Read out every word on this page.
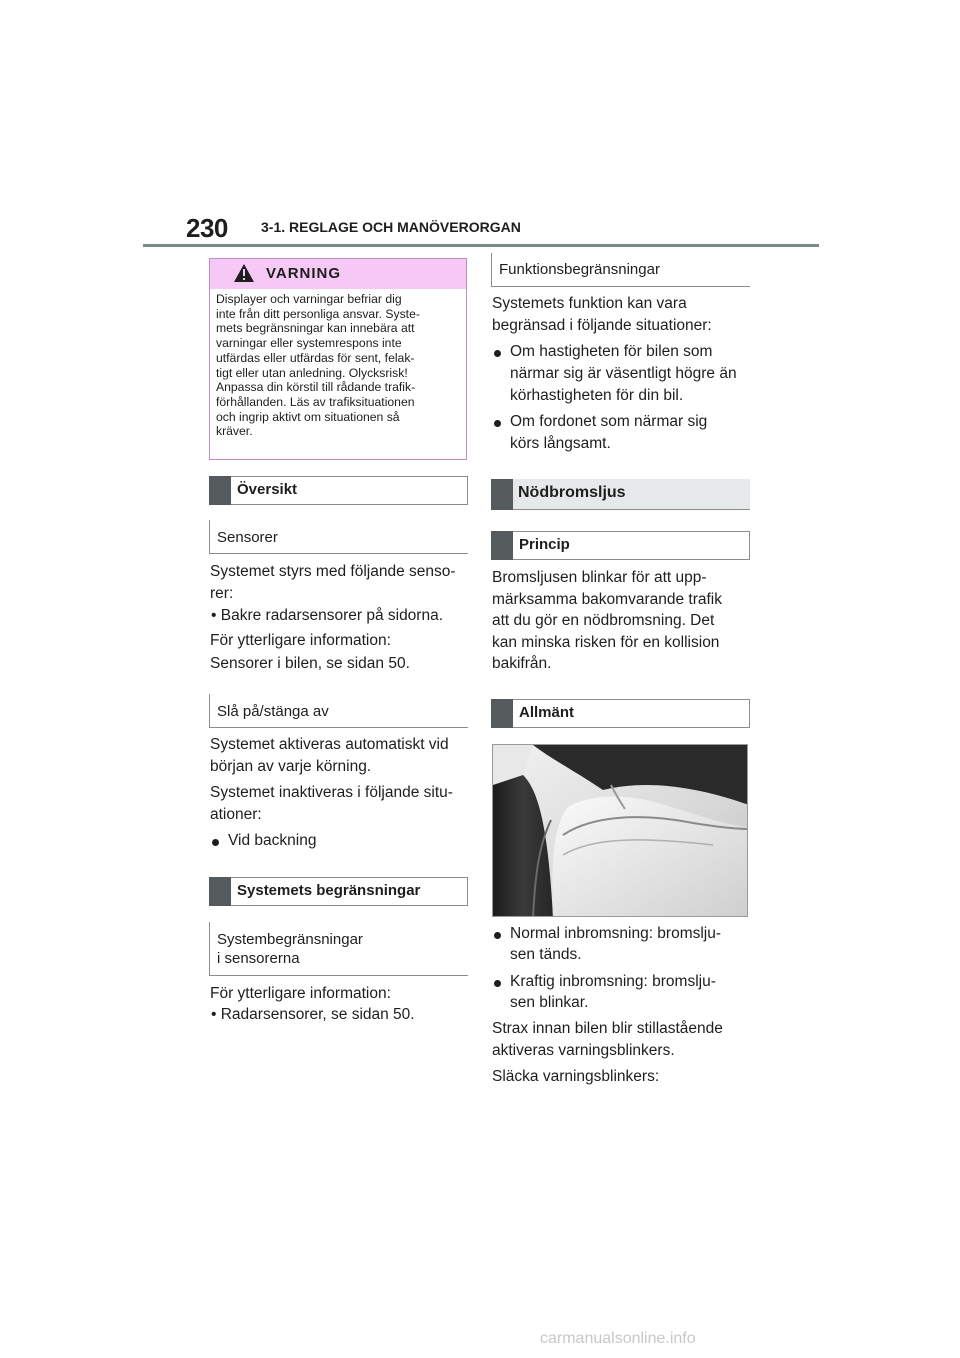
230 3-1. REGLAGE OCH MANÖVERORGAN
VARNING
Displayer och varningar befriar dig
inte från ditt personliga ansvar. Syste-
mets begränsningar kan innebära att
varningar eller systemrespons inte
utfärdas eller utfärdas för sent, felak-
tigt eller utan anledning. Olycksrisk!
Anpassa din körstil till rådande trafik-
förhållanden. Läs av trafiksituationen
och ingrip aktivt om situationen så
kräver.
Översikt
Sensorer
Systemet styrs med följande senso-
rer:
• Bakre radarsensorer på sidorna.
För ytterligare information:
Sensorer i bilen, se sidan 50.
Slå på/stänga av
Systemet aktiveras automatiskt vid
början av varje körning.
Systemet inaktiveras i följande situ-
ationer:
Vid backning
Systemets begränsningar
Systembegränsningar
i sensorerna
För ytterligare information:
• Radarsensorer, se sidan 50.
Funktionsbegränsningar
Systemets funktion kan vara
begränsad i följande situationer:
Om hastigheten för bilen som
närmar sig är väsentligt högre än
körhastigheten för din bil.
Om fordonet som närmar sig
körs långsamt.
Nödbromsljus
Princip
Bromsljusen blinkar för att upp-
märksamma bakomvarande trafik
att du gör en nödbromsning. Det
kan minska risken för en kollision
bakifrån.
Allmänt
Normal inbromsning: bromslju-
sen tänds.
Kraftig inbromsning: bromslju-
sen blinkar.
Strax innan bilen blir stillastående
aktiveras varningsblinkers.
Släcka varningsblinkers:
carmanualsonline.info
